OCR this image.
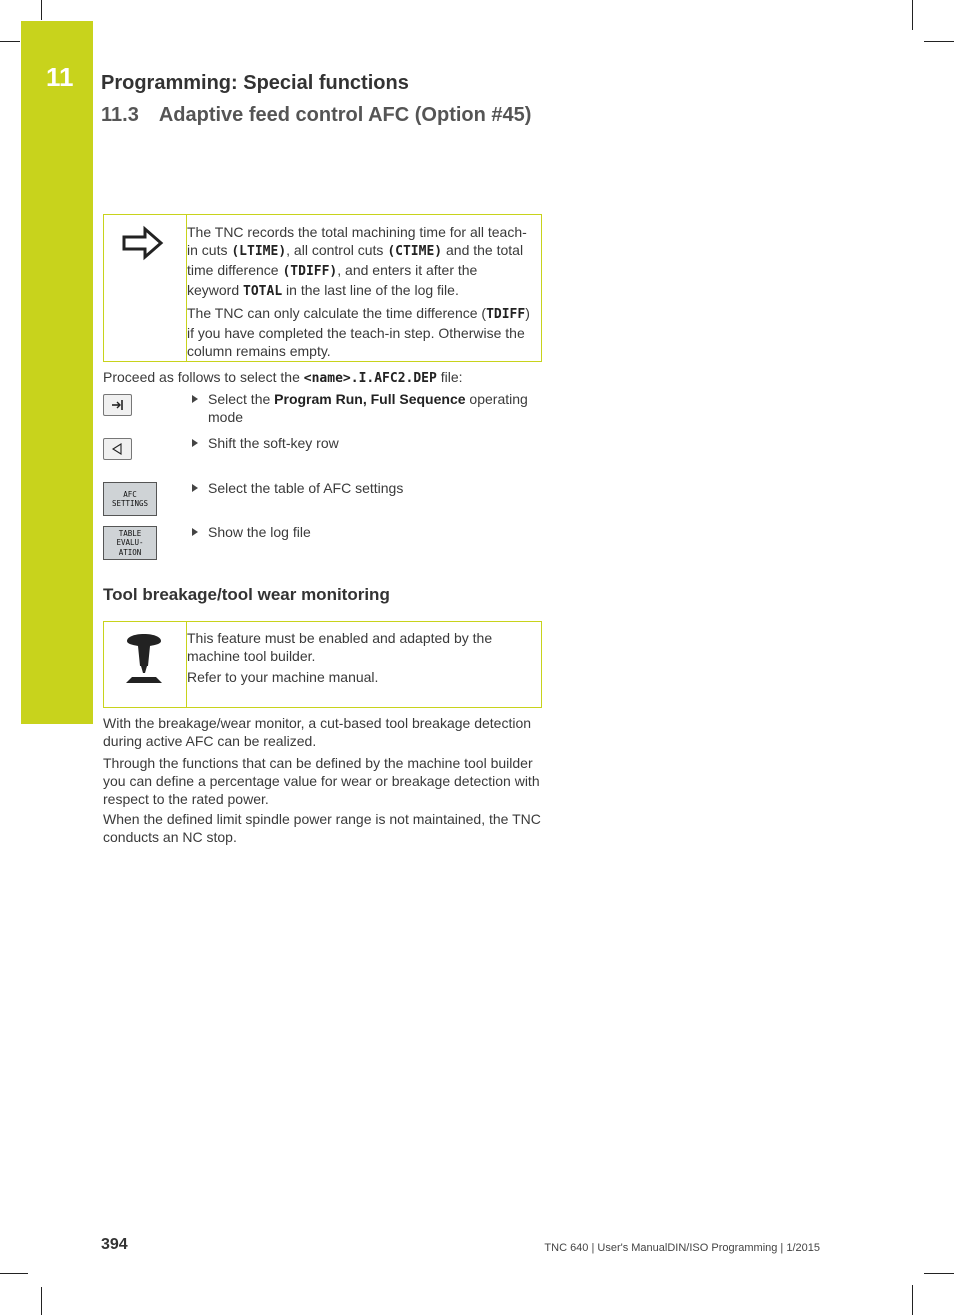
11 Programming: Special functions
11.3 Adaptive feed control AFC (Option #45)

The TNC records the total machining time for all teach-in cuts (LTIME), all control cuts (CTIME) and the total time difference (TDIFF), and enters it after the keyword TOTAL in the last line of the log file.

The TNC can only calculate the time difference (TDIFF) if you have completed the teach-in step. Otherwise the column remains empty.

Proceed as follows to select the <name>.I.AFC2.DEP file:

Select the Program Run, Full Sequence operating mode
Shift the soft-key row
AFC
SETTINGS
Select the table of AFC settings
TABLE
EVALU-
ATION
Show the log file
Tool breakage/tool wear monitoring

This feature must be enabled and adapted by the machine tool builder.

Refer to your machine manual.

With the breakage/wear monitor, a cut-based tool breakage detection during active AFC can be realized.

Through the functions that can be defined by the machine tool builder you can define a percentage value for wear or breakage detection with respect to the rated power.

When the defined limit spindle power range is not maintained, the TNC conducts an NC stop.

394	TNC 640 | User's ManualDIN/ISO Programming | 1/2015
